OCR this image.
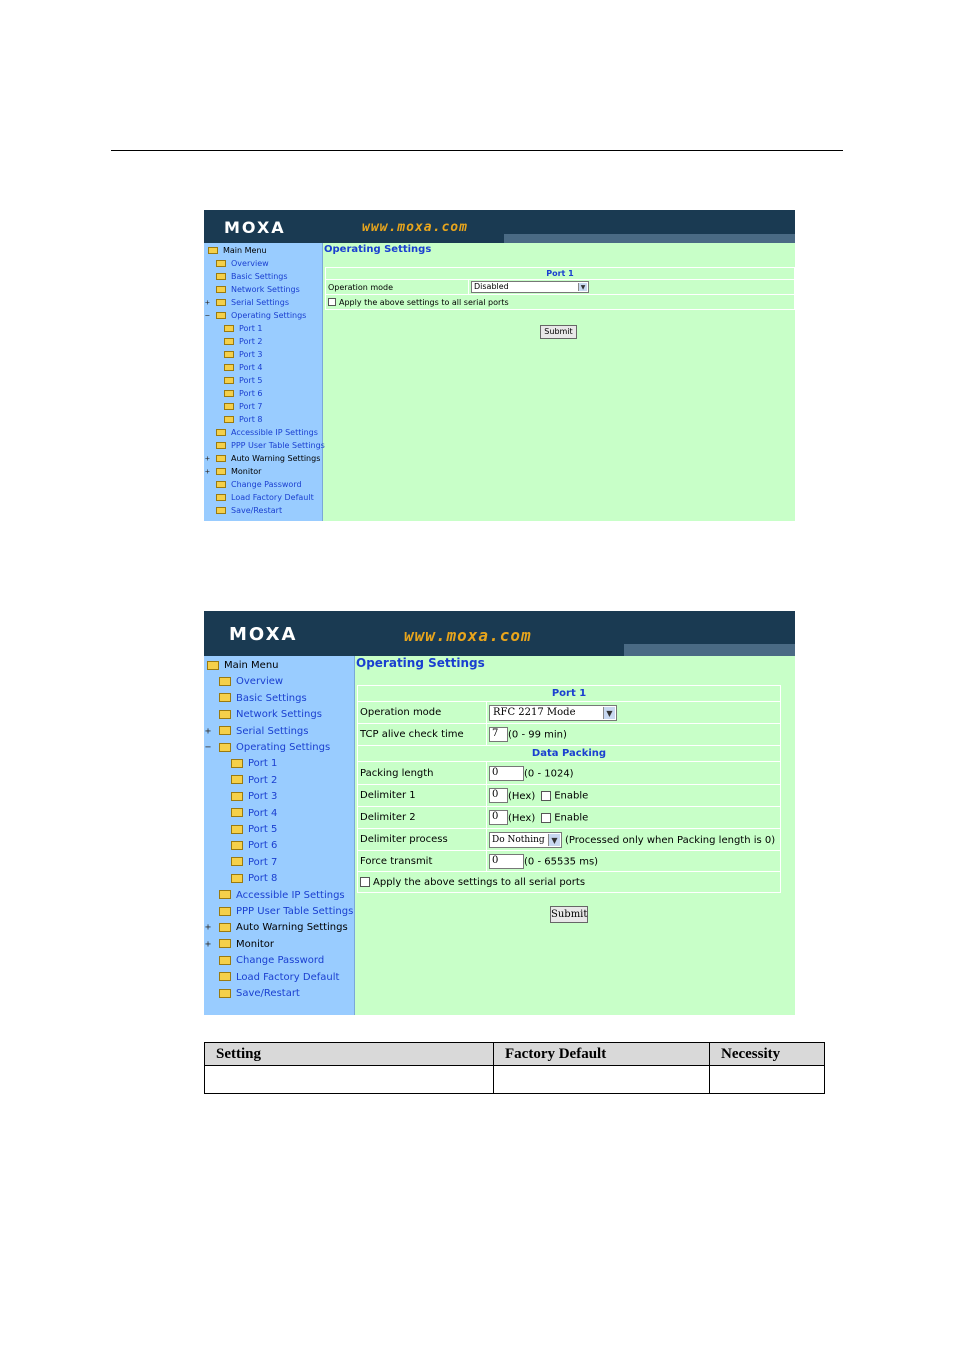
MOXA	www.moxa.com
Main Menu
Overview
Basic Settings
Network Settings
Serial Settings
+
Operating Settings
−
Port 1
Port 2
Port 3
Port 4
Port 5
Port 6
Port 7
Port 8
Accessible IP Settings
PPP User Table Settings
Auto Warning Settings
+
Monitor
+
Change Password
Load Factory Default
Save/Restart
Operating Settings
Port 1
Operation mode	Disabled	▼

Apply the above settings to all serial ports
Submit
MOXA	www.moxa.com
Main Menu
Overview
Basic Settings
Network Settings
Serial Settings
+
Operating Settings
−
Port 1
Port 2
Port 3
Port 4
Port 5
Port 6
Port 7
Port 8
Accessible IP Settings
PPP User Table Settings
Auto Warning Settings
+
Monitor
+
Change Password
Load Factory Default
Save/Restart
Operating Settings
Port 1	
Operation mode	RFC 2217 Mode ▼

TCP alive check time	7 (0 - 99 min)
Data Packing	
Packing length	0 (0 - 1024)
Delimiter 1	0 (Hex) Enable
Delimiter 2	0 (Hex) Enable
Delimiter process	Do Nothing ▼ (Processed only when Packing length is 0)
Force transmit	0 (0 - 65535 ms)
Apply the above settings to all serial ports	
Submit
Setting	Factory Default	Necessity
